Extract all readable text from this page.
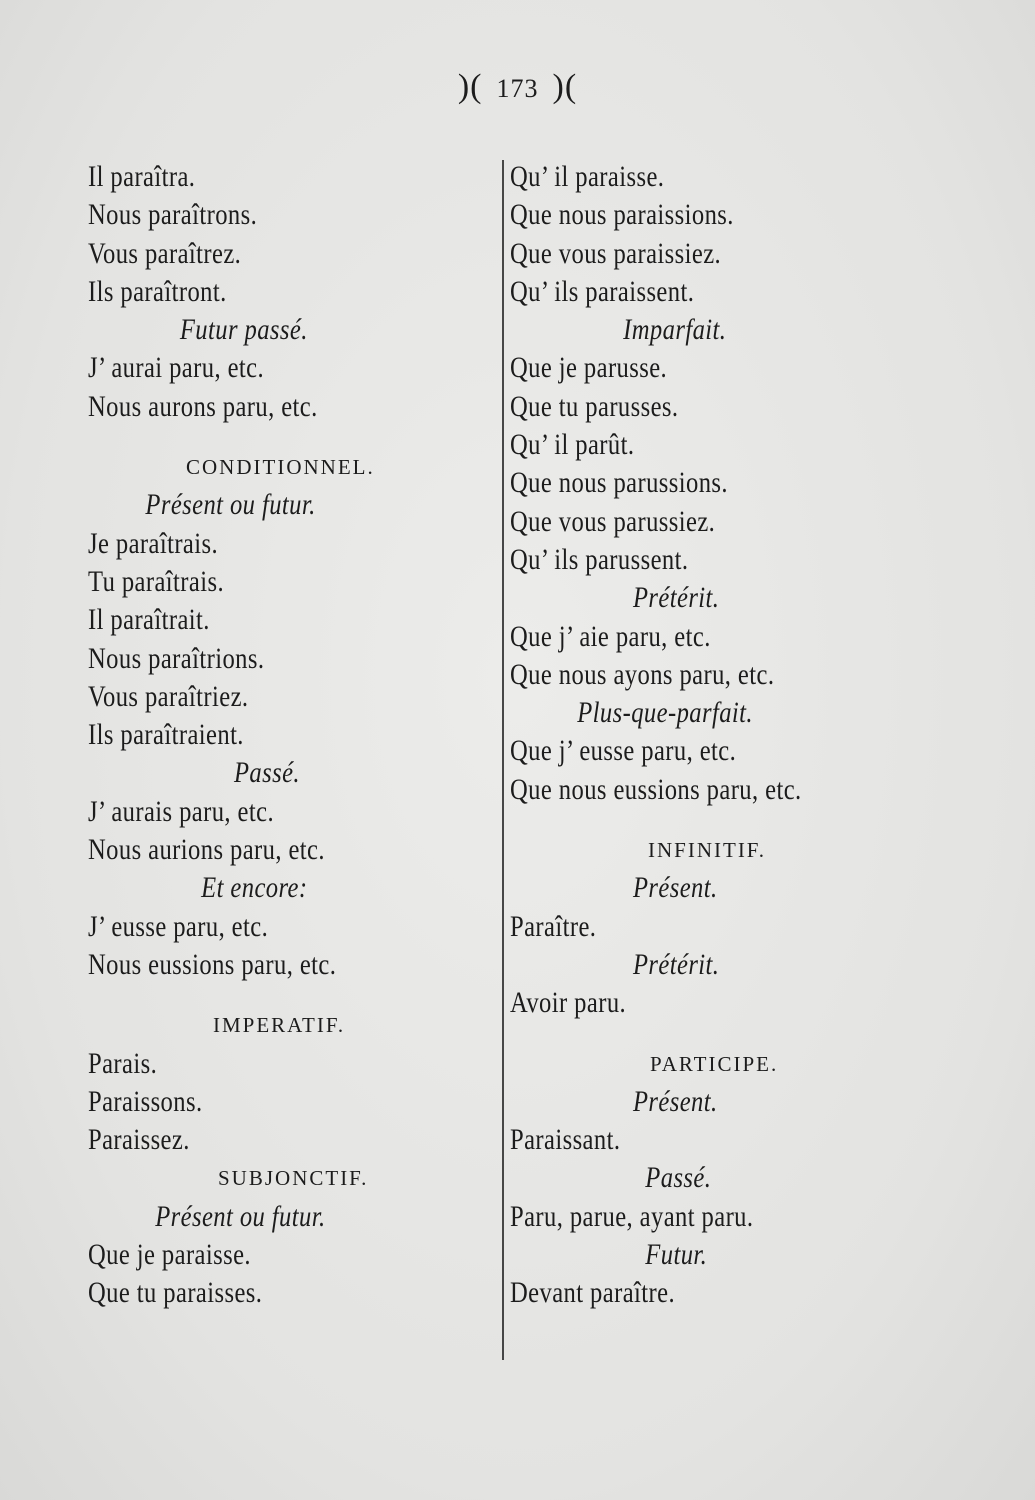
)( 173 )(
Il paraîtra.
Nous paraîtrons.
Vous paraîtrez.
Ils paraîtront.
Futur passé.
J’ aurai paru, etc.
Nous aurons paru, etc.
CONDITIONNEL.
Présent ou futur.
Je paraîtrais.
Tu paraîtrais.
Il paraîtrait.
Nous paraîtrions.
Vous paraîtriez.
Ils paraîtraient.
Passé.
J’ aurais paru, etc.
Nous aurions paru, etc.
Et encore:
J’ eusse paru, etc.
Nous eussions paru, etc.
IMPERATIF.
Parais.
Paraissons.
Paraissez.
SUBJONCTIF.
Présent ou futur.
Que je paraisse.
Que tu paraisses.
Qu’ il paraisse.
Que nous paraissions.
Que vous paraissiez.
Qu’ ils paraissent.
Imparfait.
Que je parusse.
Que tu parusses.
Qu’ il parût.
Que nous parussions.
Que vous parussiez.
Qu’ ils parussent.
Prétérit.
Que j’ aie paru, etc.
Que nous ayons paru, etc.
Plus-que-parfait.
Que j’ eusse paru, etc.
Que nous eussions paru, etc.
INFINITIF.
Présent.
Paraître.
Prétérit.
Avoir paru.
PARTICIPE.
Présent.
Paraissant.
Passé.
Paru, parue, ayant paru.
Futur.
Devant paraître.
